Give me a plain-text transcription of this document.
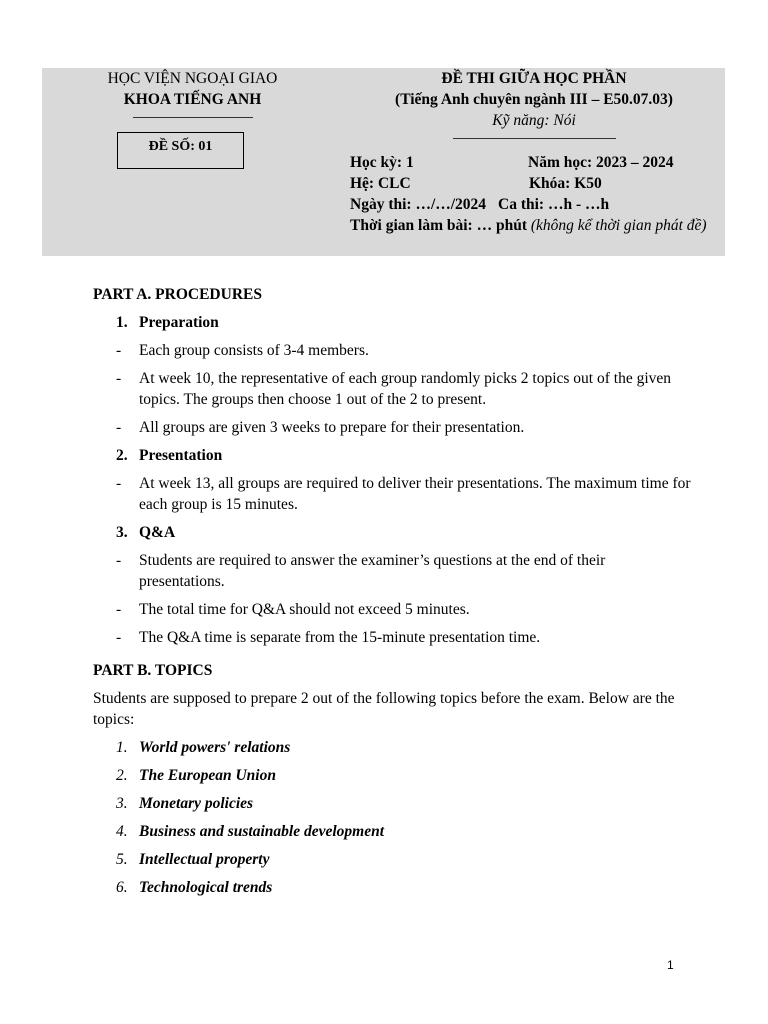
HỌC VIỆN NGOẠI GIAO
KHOA TIẾNG ANH
ĐỀ SỐ: 01
ĐỀ THI GIỮA HỌC PHẦN
(Tiếng Anh chuyên ngành III – E50.07.03)
Kỹ năng: Nói
Học kỳ: 1	Năm học: 2023 – 2024
Hệ: CLC	Khóa: K50
Ngày thi: …/…/2024 Ca thi: …h - …h
Thời gian làm bài: … phút (không kể thời gian phát đề)
PART A. PROCEDURES
1. Preparation
- Each group consists of 3-4 members.
- At week 10, the representative of each group randomly picks 2 topics out of the given topics. The groups then choose 1 out of the 2 to present.
- All groups are given 3 weeks to prepare for their presentation.
2. Presentation
- At week 13, all groups are required to deliver their presentations. The maximum time for each group is 15 minutes.
3. Q&A
- Students are required to answer the examiner’s questions at the end of their presentations.
- The total time for Q&A should not exceed 5 minutes.
- The Q&A time is separate from the 15-minute presentation time.
PART B. TOPICS
Students are supposed to prepare 2 out of the following topics before the exam. Below are the topics:
1. World powers' relations
2. The European Union
3. Monetary policies
4. Business and sustainable development
5. Intellectual property
6. Technological trends
1
